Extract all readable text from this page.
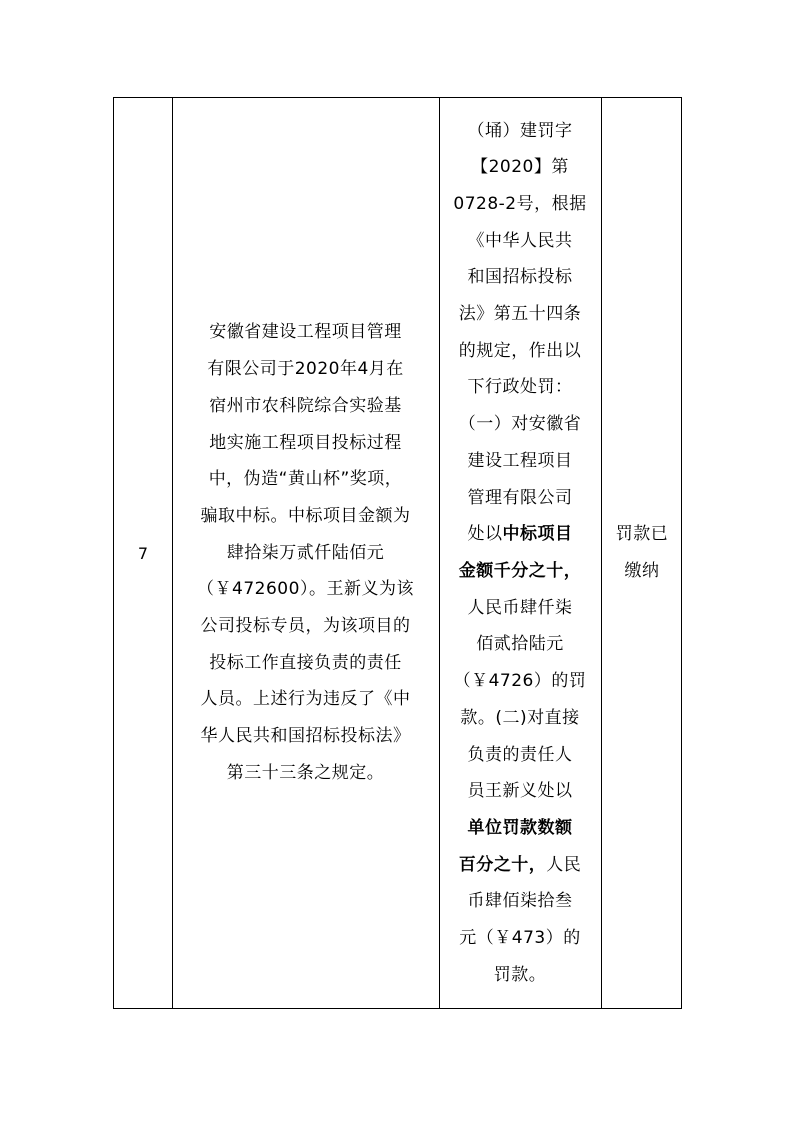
7
安徽省建设工程项目管理
有限公司于2020年4月在
宿州市农科院综合实验基
地实施工程项目投标过程
中，伪造“黄山杯”奖项，
骗取中标。中标项目金额为
肆拾柒万贰仟陆佰元
（￥472600）。王新义为该
公司投标专员，为该项目的
投标工作直接负责的责任
人员。上述行为违反了《中
华人民共和国招标投标法》
第三十三条之规定。
（埇）建罚字
【2020】第
0728-2号，根据
《中华人民共
和国招标投标
法》第五十四条
的规定，作出以
下行政处罚：
（一）对安徽省
建设工程项目
管理有限公司
处以中标项目
金额千分之十，
人民币肆仟柒
佰贰拾陆元
（￥4726）的罚
款。(二)对直接
负责的责任人
员王新义处以
单位罚款数额
百分之十，人民
币肆佰柒拾叁
元（￥473）的
罚款。
罚款已
缴纳
